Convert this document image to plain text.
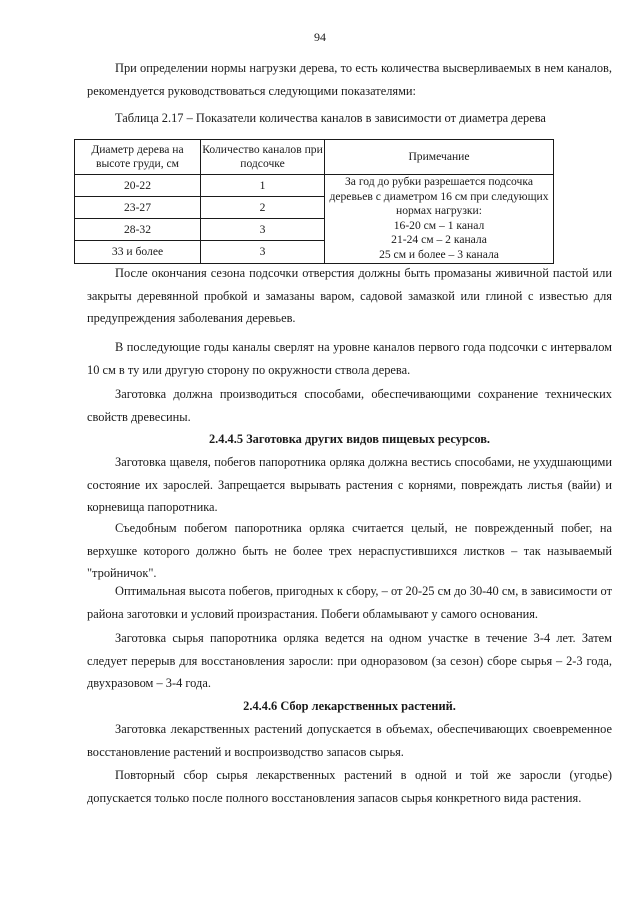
94
При определении нормы нагрузки дерева, то есть количества высверливаемых в нем каналов, рекомендуется руководствоваться следующими показателями:
Таблица 2.17 – Показатели количества каналов в зависимости от диаметра дерева
Диаметр дерева на высоте груди, см	Количество каналов при подсочке	Примечание
20-22	1	За год до рубки разрешается подсочка деревьев с диаметром 16 см при следующих нормах нагрузки:
16-20 см – 1 канал
21-24 см – 2 канала
25 см и более – 3 канала

23-27	2	
28-32	3	
33 и более	3	
После окончания сезона подсочки отверстия должны быть промазаны живичной пастой или закрыты деревянной пробкой и замазаны варом, садовой замазкой или глиной с известью для предупреждения заболевания деревьев.
В последующие годы каналы сверлят на уровне каналов первого года подсочки с интервалом 10 см в ту или другую сторону по окружности ствола дерева.
Заготовка должна производиться способами, обеспечивающими сохранение технических свойств древесины.
2.4.4.5 Заготовка других видов пищевых ресурсов.
Заготовка щавеля, побегов папоротника орляка должна вестись способами, не ухудшающими состояние их зарослей. Запрещается вырывать растения с корнями, повреждать листья (вайи) и корневища папоротника.
Съедобным побегом папоротника орляка считается целый, не поврежденный побег, на верхушке которого должно быть не более трех нераспустившихся листков – так называемый "тройничок".
Оптимальная высота побегов, пригодных к сбору, – от 20-25 см до 30-40 см, в зависимости от района заготовки и условий произрастания. Побеги обламывают у самого основания.
Заготовка сырья папоротника орляка ведется на одном участке в течение 3-4 лет. Затем следует перерыв для восстановления заросли: при одноразовом (за сезон) сборе сырья – 2-3 года, двухразовом – 3-4 года.
2.4.4.6 Сбор лекарственных растений.
Заготовка лекарственных растений допускается в объемах, обеспечивающих своевременное восстановление растений и воспроизводство запасов сырья.
Повторный сбор сырья лекарственных растений в одной и той же заросли (угодье) допускается только после полного восстановления запасов сырья конкретного вида растения.
